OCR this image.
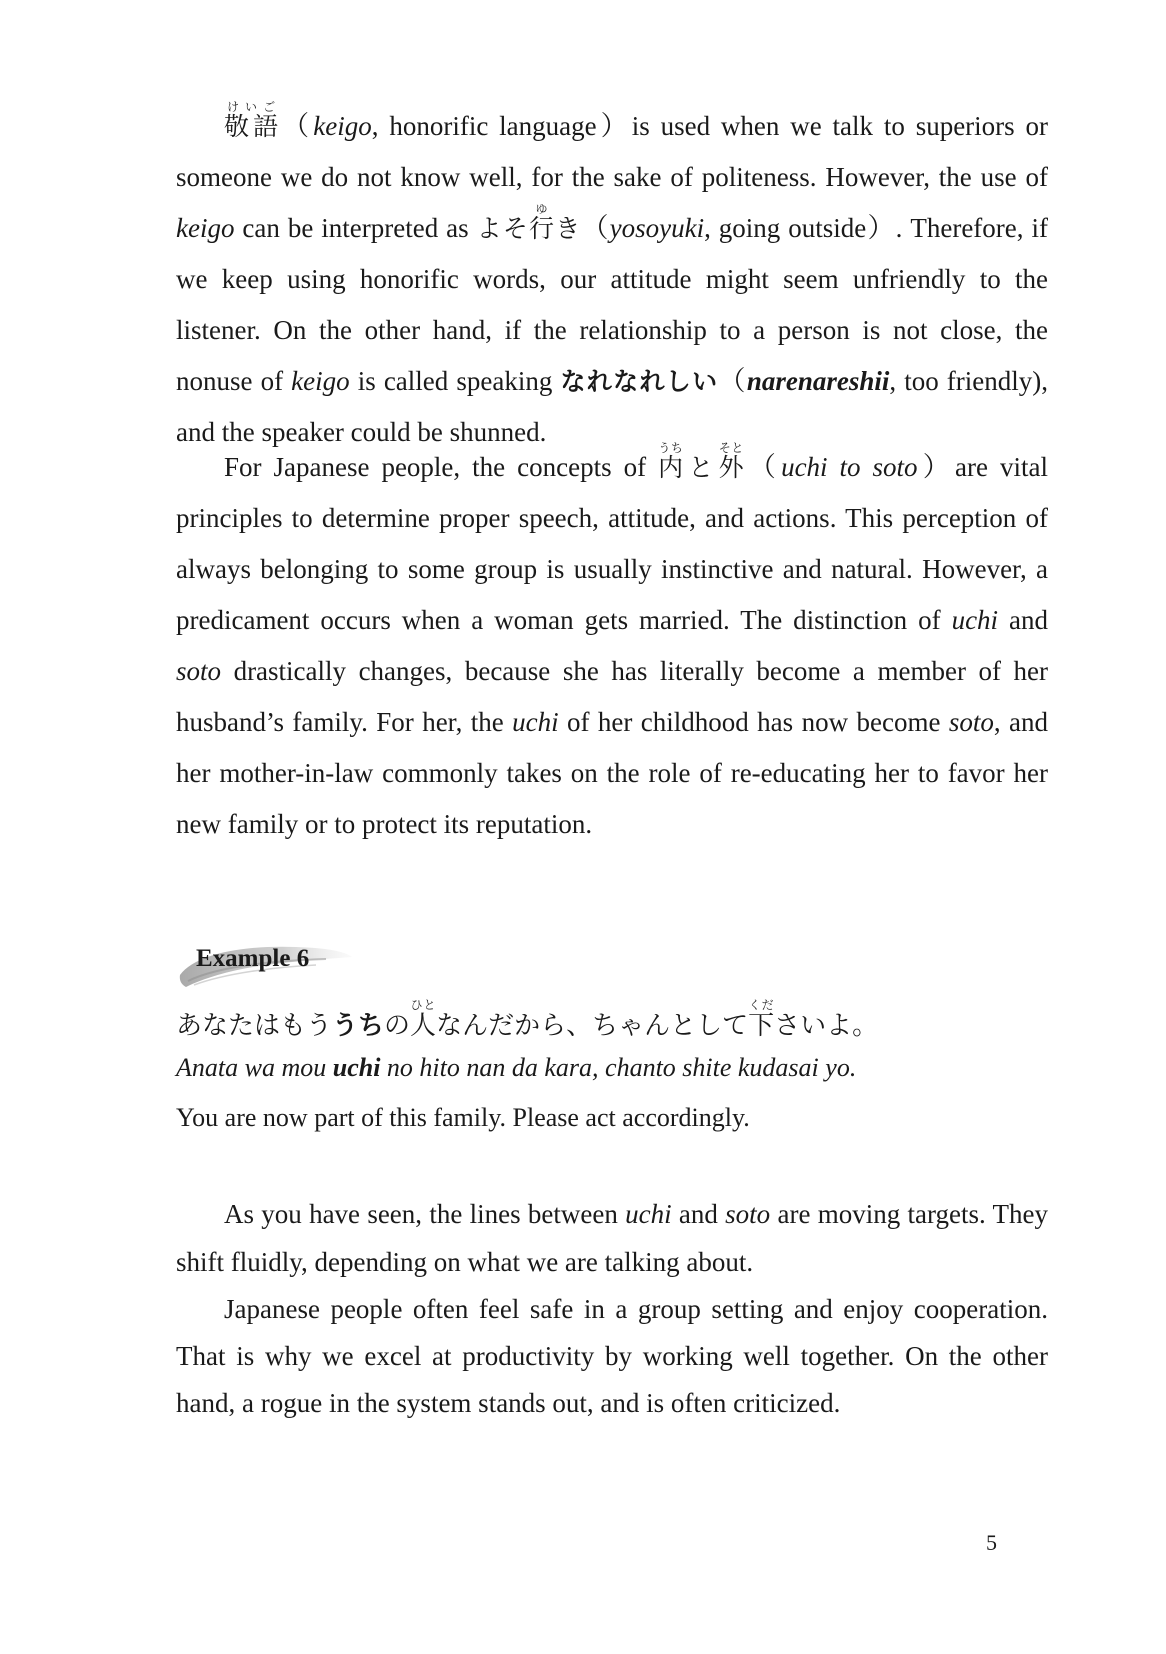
敬語けいご（keigo, honorific language）is used when we talk to superiors or someone we do not know well, for the sake of politeness. However, the use of keigo can be interpreted as よそ行ゆき（yosoyuki, going outside）. Therefore, if we keep using honorific words, our attitude might seem unfriendly to the listener. On the other hand, if the relationship to a person is not close, the nonuse of keigo is called speaking なれなれしい（narenareshii, too friendly), and the speaker could be shunned.

For Japanese people, the concepts of 内うちと外そと（uchi to soto）are vital principles to determine proper speech, attitude, and actions. This perception of always belonging to some group is usually instinctive and natural. However, a predicament occurs when a woman gets married. The distinction of uchi and soto drastically changes, because she has literally become a member of her husband’s family. For her, the uchi of her childhood has now become soto, and her mother-in-law commonly takes on the role of re-educating her to favor her new family or to protect its reputation.

Example 6

あなたはもううちの人ひとなんだから、ちゃんとして下くださいよ。

Anata wa mou uchi no hito nan da kara, chanto shite kudasai yo.

You are now part of this family. Please act accordingly.

As you have seen, the lines between uchi and soto are moving targets. They shift fluidly, depending on what we are talking about.

Japanese people often feel safe in a group setting and enjoy cooperation. That is why we excel at productivity by working well together. On the other hand, a rogue in the system stands out, and is often criticized.

5
